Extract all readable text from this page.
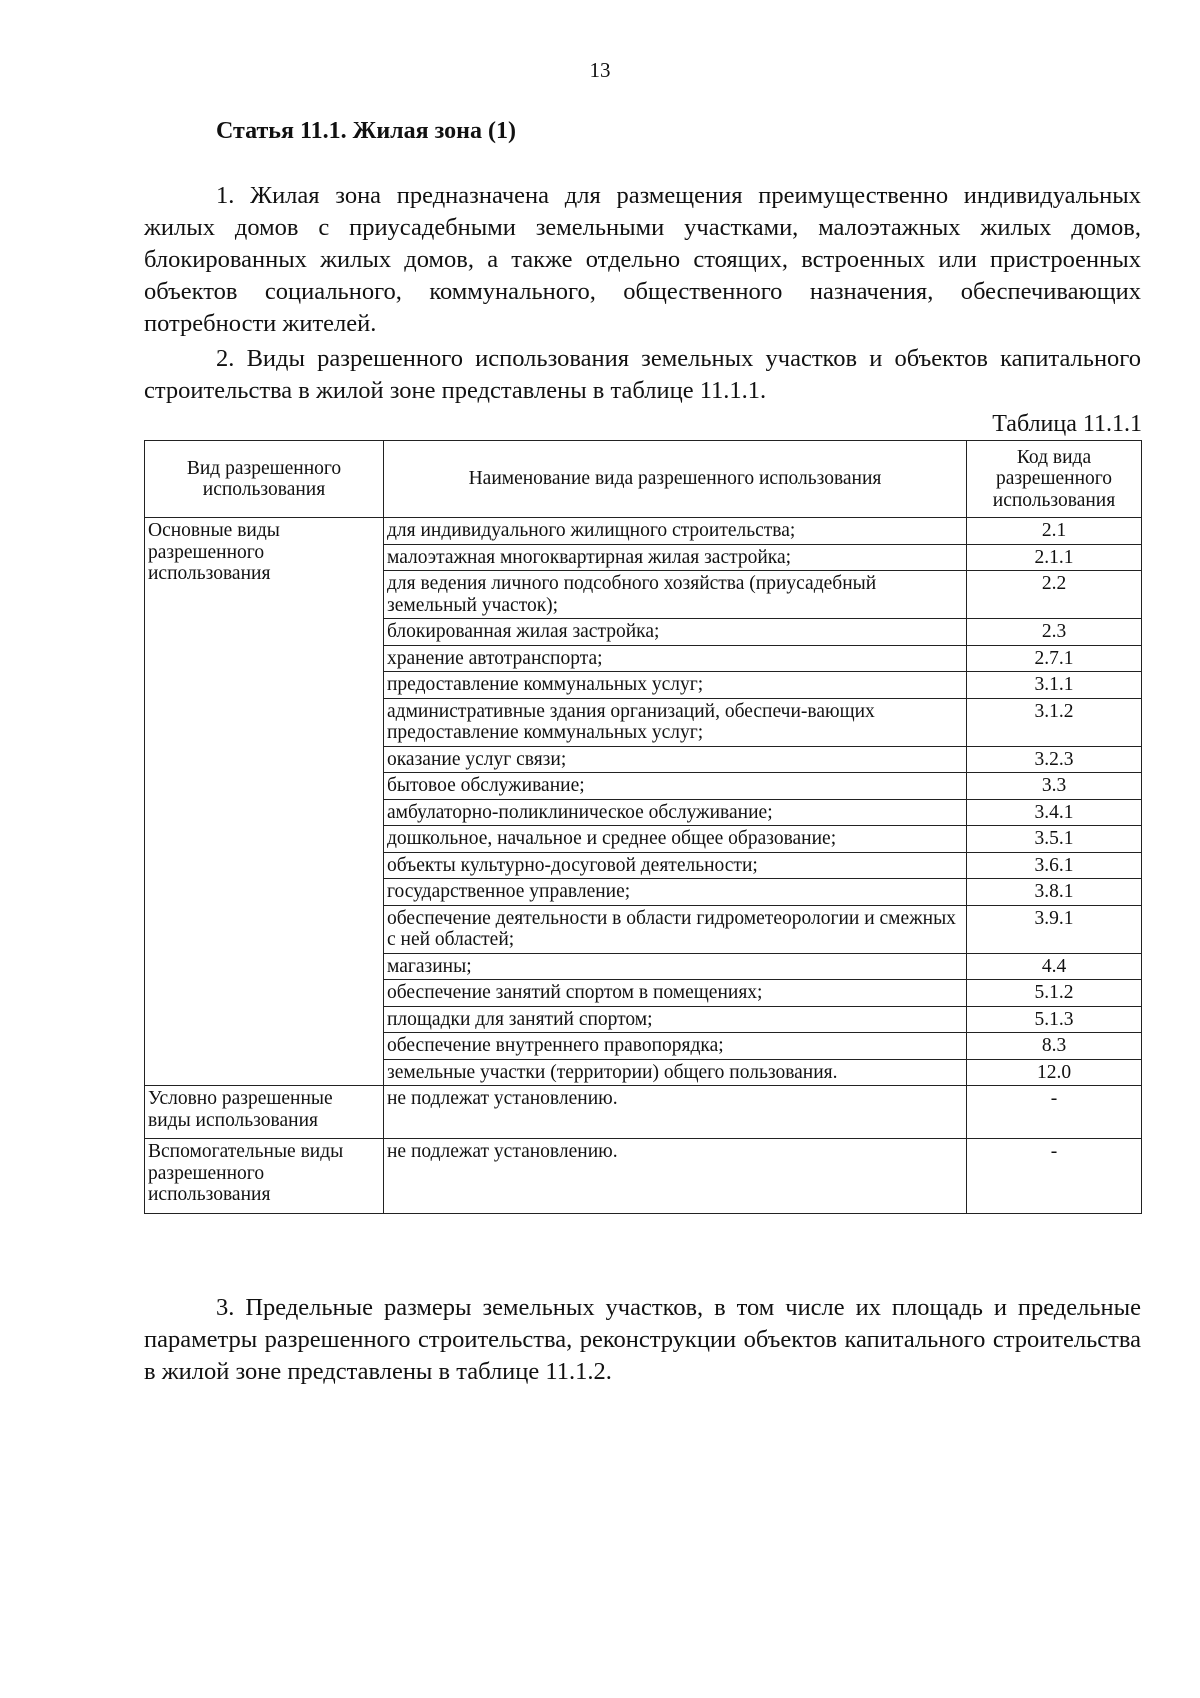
13
Статья 11.1. Жилая зона (1)
1. Жилая зона предназначена для размещения преимущественно индивидуальных жилых домов с приусадебными земельными участками, малоэтажных жилых домов, блокированных жилых домов, а также отдельно стоящих, встроенных или пристроенных объектов социального, коммунального, общественного назначения, обеспечивающих потребности жителей.
2. Виды разрешенного использования земельных участков и объектов капитального строительства в жилой зоне представлены в таблице 11.1.1.
Таблица 11.1.1
Вид разрешенного использования	Наименование вида разрешенного использования	Код вида разрешенного использования
Основные виды разрешенного использования	для индивидуального жилищного строительства;	2.1
	малоэтажная многоквартирная жилая застройка;	2.1.1
	для ведения личного подсобного хозяйства (приусадебный земельный участок);	2.2
	блокированная жилая застройка;	2.3
	хранение автотранспорта;	2.7.1
	предоставление коммунальных услуг;	3.1.1
	административные здания организаций, обеспечи-вающих предоставление коммунальных услуг;	3.1.2
	оказание услуг связи;	3.2.3
	бытовое обслуживание;	3.3
	амбулаторно-поликлиническое обслуживание;	3.4.1
	дошкольное, начальное и среднее общее образование;	3.5.1
	объекты культурно-досуговой деятельности;	3.6.1
	государственное управление;	3.8.1
	обеспечение деятельности в области гидрометеорологии и смежных с ней областей;	3.9.1
	магазины;	4.4
	обеспечение занятий спортом в помещениях;	5.1.2
	площадки для занятий спортом;	5.1.3
	обеспечение внутреннего правопорядка;	8.3
	земельные участки (территории) общего пользования.	12.0
Условно разрешенные виды использования	не подлежат установлению.	-
Вспомогательные виды разрешенного использования	не подлежат установлению.	-
3. Предельные размеры земельных участков, в том числе их площадь и предельные параметры разрешенного строительства, реконструкции объектов капитального строительства в жилой зоне представлены в таблице 11.1.2.
